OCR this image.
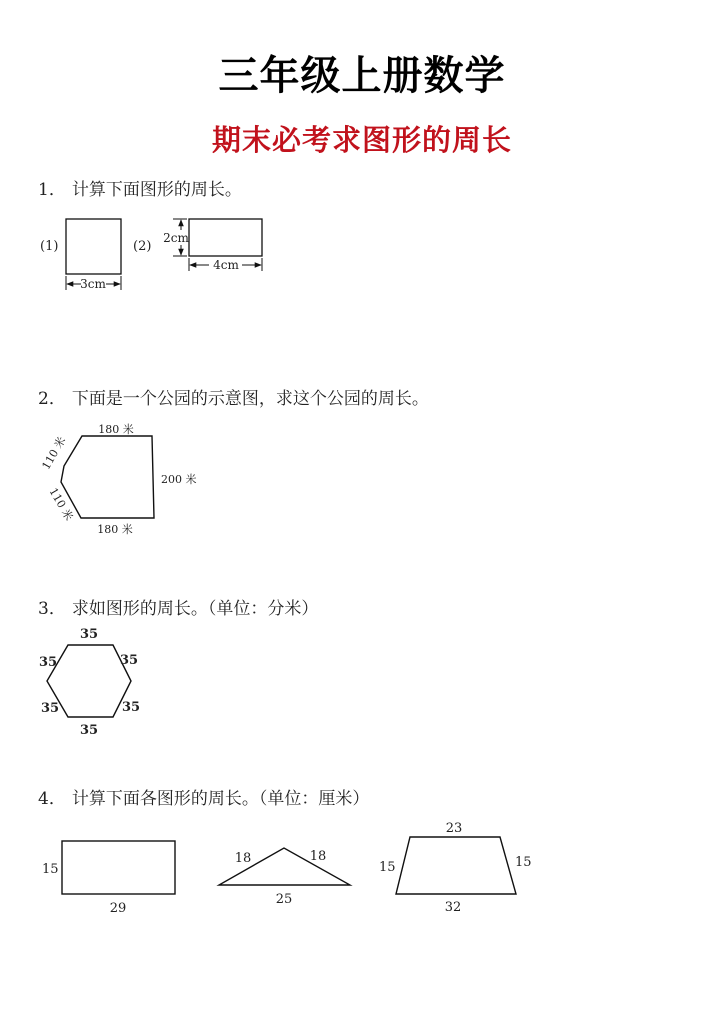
三年级上册数学
期末必考求图形的周长
1． 计算下面图形的周长。
(1)
3cm
(2)
2cm
4cm
2． 下面是一个公园的示意图，求这个公园的周长。
180 米
200 米
180 米
110 米
110 米
3． 求如图形的周长。（单位：分米）
35
35	35
35	35
35
4． 计算下面各图形的周长。（单位：厘米）
15
29
18	18
25
23
15	15
32
